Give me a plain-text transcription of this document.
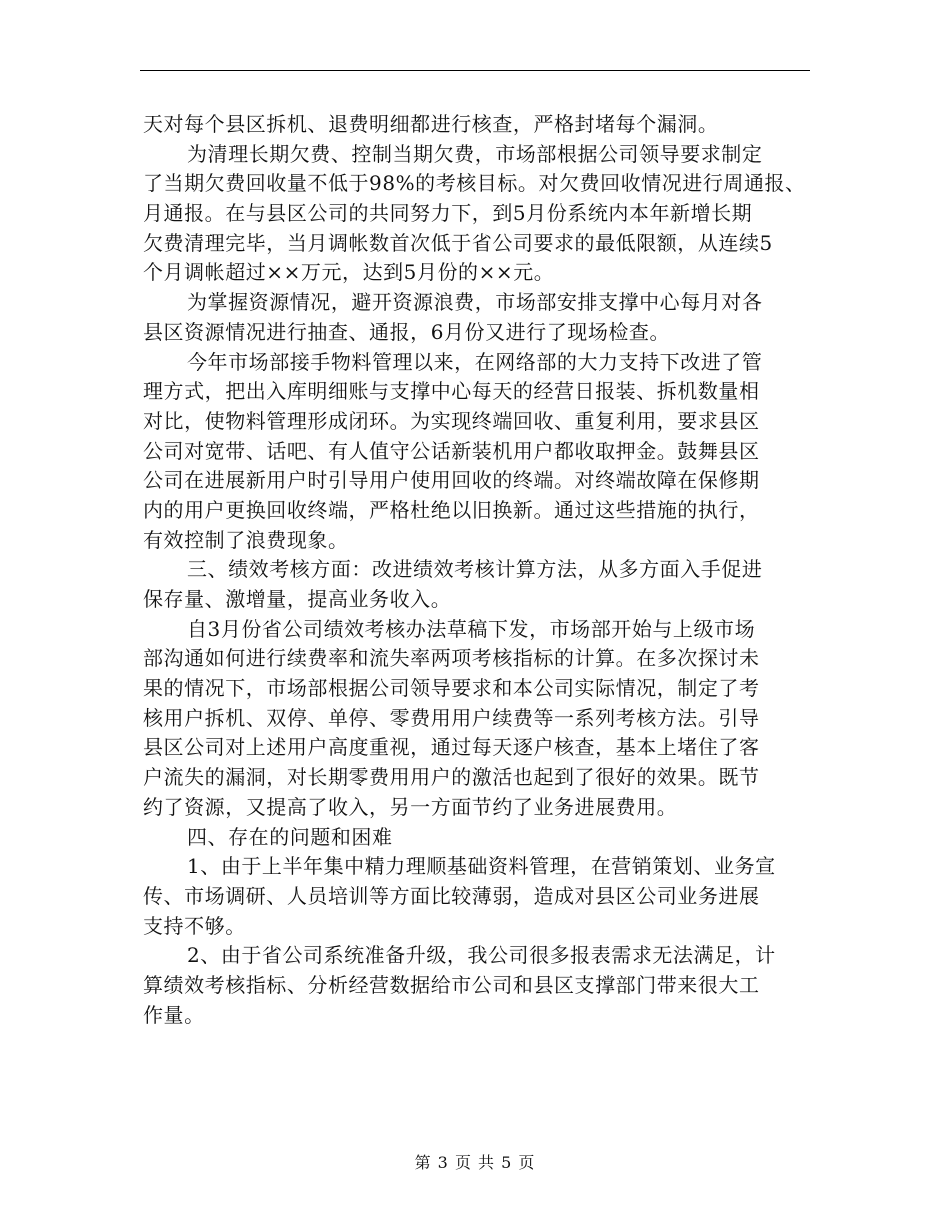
天对每个县区拆机、退费明细都进行核查，严格封堵每个漏洞。
为清理长期欠费、控制当期欠费，市场部根据公司领导要求制定
了当期欠费回收量不低于98%的考核目标。对欠费回收情况进行周通报、
月通报。在与县区公司的共同努力下，到5月份系统内本年新增长期
欠费清理完毕，当月调帐数首次低于省公司要求的最低限额，从连续5
个月调帐超过××万元，达到5月份的××元。
为掌握资源情况，避开资源浪费，市场部安排支撑中心每月对各
县区资源情况进行抽查、通报，6月份又进行了现场检查。
今年市场部接手物料管理以来，在网络部的大力支持下改进了管
理方式，把出入库明细账与支撑中心每天的经营日报装、拆机数量相
对比，使物料管理形成闭环。为实现终端回收、重复利用，要求县区
公司对宽带、话吧、有人值守公话新装机用户都收取押金。鼓舞县区
公司在进展新用户时引导用户使用回收的终端。对终端故障在保修期
内的用户更换回收终端，严格杜绝以旧换新。通过这些措施的执行，
有效控制了浪费现象。
三、绩效考核方面：改进绩效考核计算方法，从多方面入手促进
保存量、激增量，提高业务收入。
自3月份省公司绩效考核办法草稿下发，市场部开始与上级市场
部沟通如何进行续费率和流失率两项考核指标的计算。在多次探讨未
果的情况下，市场部根据公司领导要求和本公司实际情况，制定了考
核用户拆机、双停、单停、零费用用户续费等一系列考核方法。引导
县区公司对上述用户高度重视，通过每天逐户核查，基本上堵住了客
户流失的漏洞，对长期零费用用户的激活也起到了很好的效果。既节
约了资源，又提高了收入，另一方面节约了业务进展费用。
四、存在的问题和困难
1、由于上半年集中精力理顺基础资料管理，在营销策划、业务宣
传、市场调研、人员培训等方面比较薄弱，造成对县区公司业务进展
支持不够。
2、由于省公司系统准备升级，我公司很多报表需求无法满足，计
算绩效考核指标、分析经营数据给市公司和县区支撑部门带来很大工
作量。
第 3 页 共 5 页
